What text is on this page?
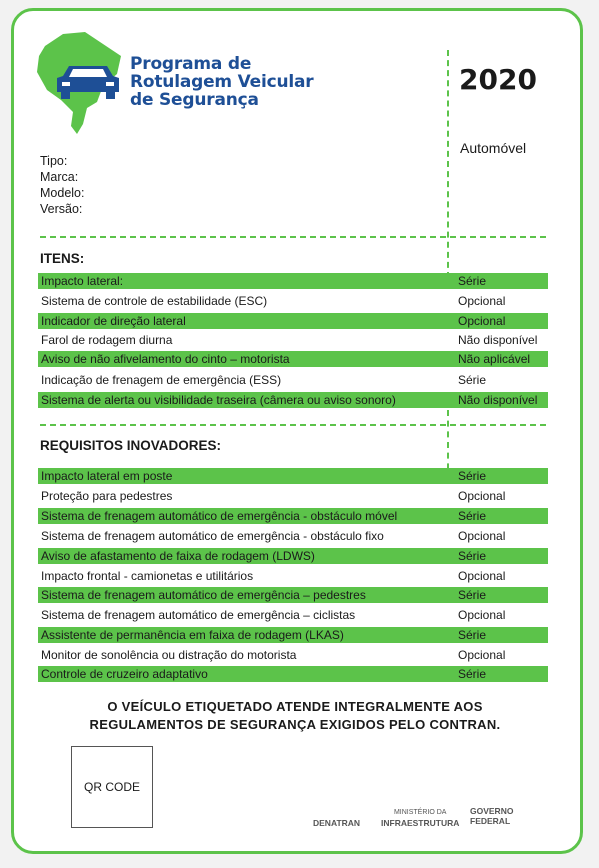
Programa de
Rotulagem Veicular
de Segurança
2020
Automóvel
Tipo:
Marca:
Modelo:
Versão:
ITENS:
Impacto lateral:	Série
Sistema de controle de estabilidade (ESC)	Opcional
Indicador de direção lateral	Opcional
Farol de rodagem diurna	Não disponível
Aviso de não afivelamento do cinto – motorista	Não aplicável
Indicação de frenagem de emergência (ESS)	Série
Sistema de alerta ou visibilidade traseira (câmera ou aviso sonoro)	Não disponível
REQUISITOS INOVADORES:
Impacto lateral em poste	Série
Proteção para pedestres	Opcional
Sistema de frenagem automático de emergência - obstáculo móvel	Série
Sistema de frenagem automático de emergência - obstáculo fixo	Opcional
Aviso de afastamento de faixa de rodagem (LDWS)	Série
Impacto frontal - camionetas e utilitários	Opcional
Sistema de frenagem automático de emergência – pedestres	Série
Sistema de frenagem automático de emergência – ciclistas	Opcional
Assistente de permanência em faixa de rodagem (LKAS)	Série
Monitor de sonolência ou distração do motorista	Opcional
Controle de cruzeiro adaptativo	Série
O VEÍCULO ETIQUETADO ATENDE INTEGRALMENTE AOS
REGULAMENTOS DE SEGURANÇA EXIGIDOS PELO CONTRAN.
QR CODE
DENATRAN
MINISTÉRIO DA
INFRAESTRUTURA
GOVERNO
FEDERAL
